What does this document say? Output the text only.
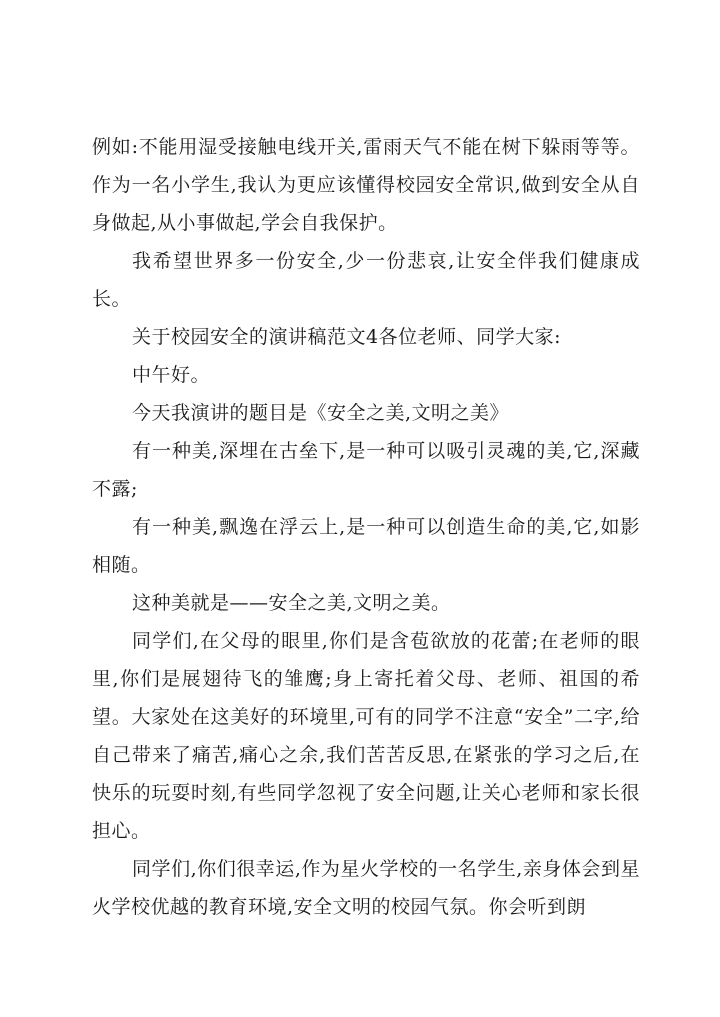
例如:不能用湿受接触电线开关,雷雨天气不能在树下躲雨等等。作为一名小学生,我认为更应该懂得校园安全常识,做到安全从自身做起,从小事做起,学会自我保护。

我希望世界多一份安全,少一份悲哀,让安全伴我们健康成长。

关于校园安全的演讲稿范文4各位老师、同学大家:

中午好。

今天我演讲的题目是《安全之美,文明之美》

有一种美,深埋在古垒下,是一种可以吸引灵魂的美,它,深藏不露;

有一种美,飘逸在浮云上,是一种可以创造生命的美,它,如影相随。

这种美就是——安全之美,文明之美。

同学们,在父母的眼里,你们是含苞欲放的花蕾;在老师的眼里,你们是展翅待飞的雏鹰;身上寄托着父母、老师、祖国的希望。大家处在这美好的环境里,可有的同学不注意“安全”二字,给自己带来了痛苦,痛心之余,我们苦苦反思,在紧张的学习之后,在快乐的玩耍时刻,有些同学忽视了安全问题,让关心老师和家长很担心。

同学们,你们很幸运,作为星火学校的一名学生,亲身体会到星火学校优越的教育环境,安全文明的校园气氛。你会听到朗
